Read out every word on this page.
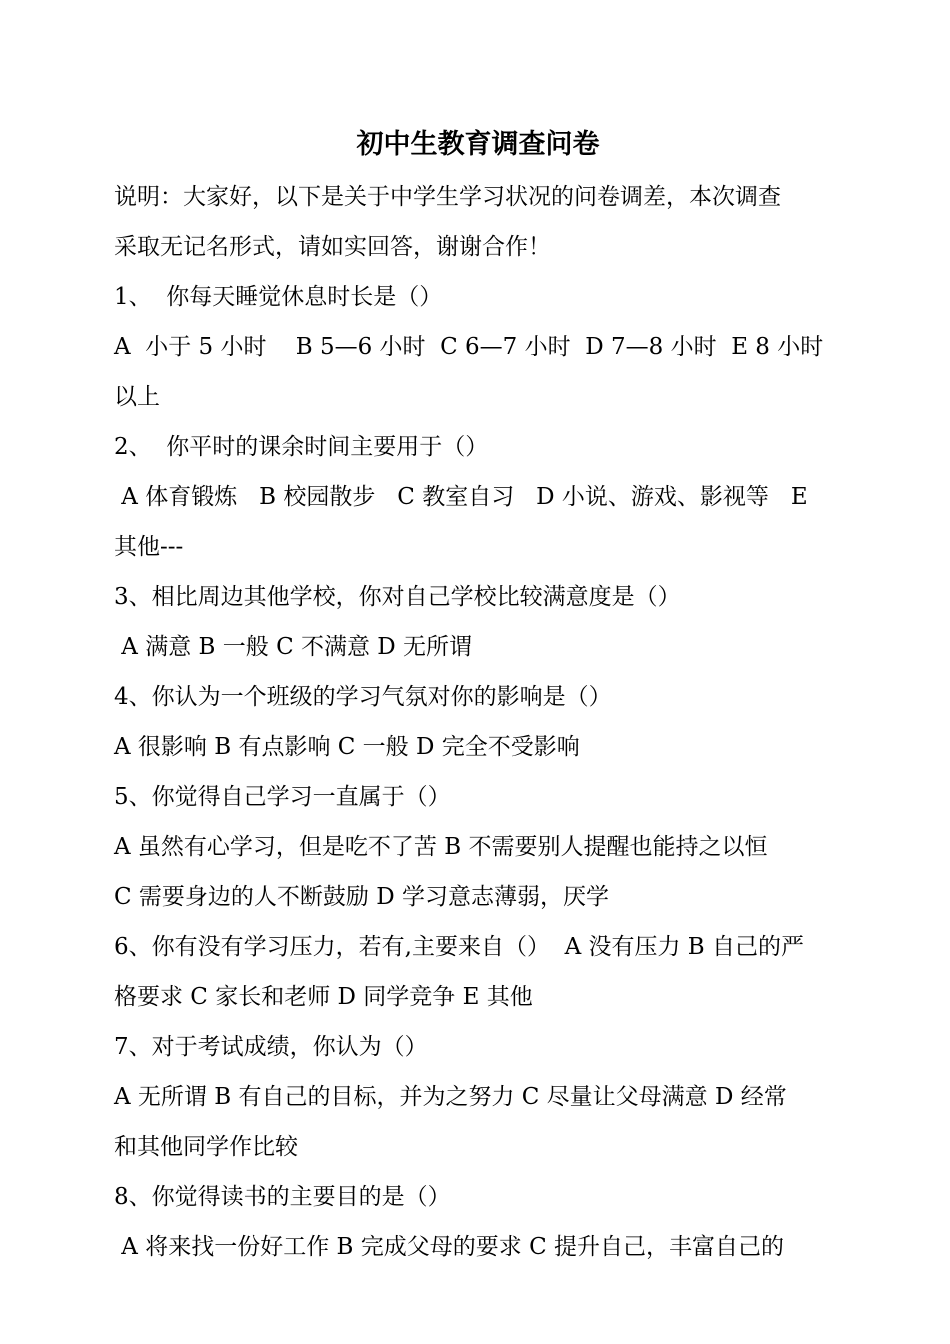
初中生教育调查问卷
说明：大家好，以下是关于中学生学习状况的问卷调差，本次调查
采取无记名形式，请如实回答，谢谢合作！
1、  你每天睡觉休息时长是（）
A  小于 5 小时    B 5—6 小时  C 6—7 小时  D 7—8 小时  E 8 小时
以上
2、  你平时的课余时间主要用于（）
A 体育锻炼   B 校园散步   C 教室自习   D 小说、游戏、影视等   E
其他---
3、相比周边其他学校，你对自己学校比较满意度是（）
A 满意 B 一般 C 不满意 D 无所谓
4、你认为一个班级的学习气氛对你的影响是（）
A 很影响 B 有点影响 C 一般 D 完全不受影响
5、你觉得自己学习一直属于（）
A 虽然有心学习，但是吃不了苦 B 不需要别人提醒也能持之以恒
C 需要身边的人不断鼓励 D 学习意志薄弱，厌学
6、你有没有学习压力，若有,主要来自（）  A 没有压力 B 自己的严
格要求 C 家长和老师 D 同学竞争 E 其他
7、对于考试成绩，你认为（）
A 无所谓 B 有自己的目标，并为之努力 C 尽量让父母满意 D 经常
和其他同学作比较
8、你觉得读书的主要目的是（）
A 将来找一份好工作 B 完成父母的要求 C 提升自己，丰富自己的
